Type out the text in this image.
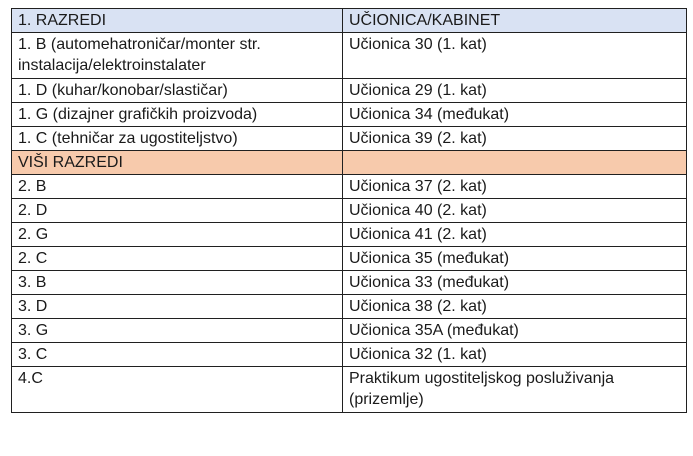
1. RAZREDI	UČIONICA/KABINET
1. B (automehatroničar/monter str. instalacija/elektroinstalater	Učionica 30 (1. kat)
1. D (kuhar/konobar/slastičar)	Učionica 29 (1. kat)
1. G (dizajner grafičkih proizvoda)	Učionica 34 (međukat)
1. C (tehničar za ugostiteljstvo)	Učionica 39 (2. kat)
VIŠI RAZREDI	
2. B	Učionica 37 (2. kat)
2. D	Učionica 40 (2. kat)
2. G	Učionica 41 (2. kat)
2. C	Učionica 35 (međukat)
3. B	Učionica 33 (međukat)
3. D	Učionica 38 (2. kat)
3. G	Učionica 35A (međukat)
3. C	Učionica 32 (1. kat)
4.C	Praktikum ugostiteljskog posluživanja (prizemlje)
